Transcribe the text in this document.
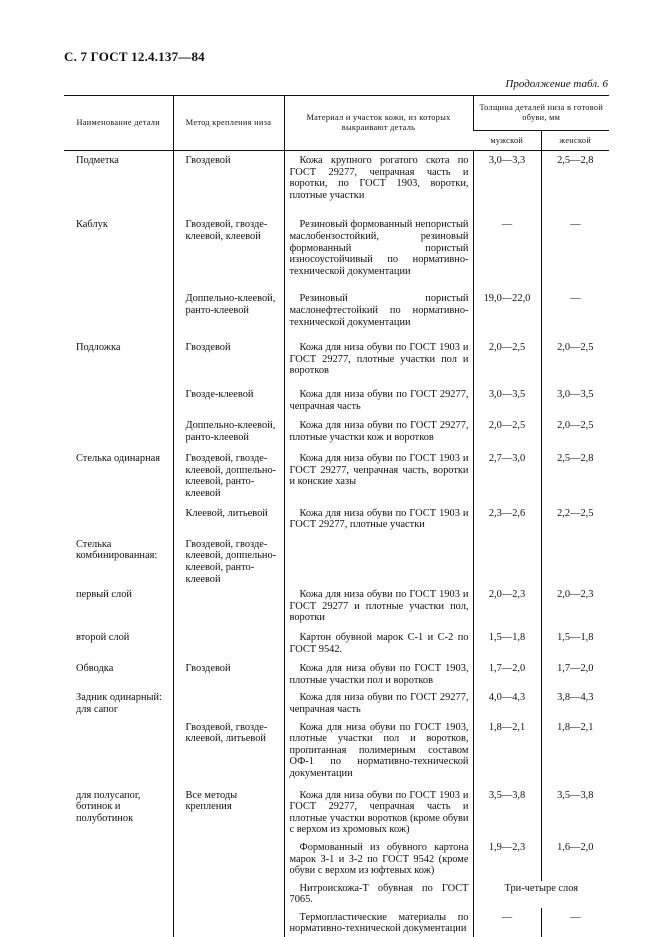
С. 7 ГОСТ 12.4.137—84
Продолжение табл. 6
Наименование детали	Метод крепления низа	Материал и участок кожи, из которых выкраивают деталь	Толщина деталей низа в готовой обуви, мм	
			мужской	женской
Подметка	Гвоздевой	Кожа крупного рогатого скота по ГОСТ 29277, чепрачная часть и воротки, по ГОСТ 1903, воротки, плотные участки	3,0—3,3	2,5—2,8

Каблук	Гвоздевой, гвозде-клеевой, клеевой	Резиновый формованный непористый маслобензостойкий, резиновый формованный пористый износоустойчивый по нормативно-технической документации	—	—

	Доппельно-клеевой, ранто-клеевой	Резиновый пористый маслонефтестойкий по нормативно-технической документации	19,0—22,0	—

Подложка	Гвоздевой	Кожа для низа обуви по ГОСТ 1903 и ГОСТ 29277, плотные участки пол и воротков	2,0—2,5	2,0—2,5

	Гвозде-клеевой	Кожа для низа обуви по ГОСТ 29277, чепрачная часть	3,0—3,5	3,0—3,5

	Доппельно-клеевой, ранто-клеевой	Кожа для низа обуви по ГОСТ 29277, плотные участки кож и воротков	2,0—2,5	2,0—2,5

Стелька одинарная	Гвоздевой, гвозде-клеевой, доппельно-клеевой, ранто-клеевой	Кожа для низа обуви по ГОСТ 1903 и ГОСТ 29277, чепрачная часть, воротки и конские хазы	2,7—3,0	2,5—2,8

	Клеевой, литьевой	Кожа для низа обуви по ГОСТ 1903 и ГОСТ 29277, плотные участки	2,3—2,6	2,2—2,5

Стелька комбинированная:	Гвоздевой, гвозде-клеевой, доппельно-клеевой, ранто-клеевой			
первый слой		Кожа для низа обуви по ГОСТ 1903 и ГОСТ 29277 и плотные участки пол, воротки	2,0—2,3	2,0—2,3

второй слой		Картон обувной марок С-1 и С-2 по ГОСТ 9542.	1,5—1,8	1,5—1,8

Обводка	Гвоздевой	Кожа для низа обуви по ГОСТ 1903, плотные участки пол и воротков	1,7—2,0	1,7—2,0

Задник одинарный: для сапог		Кожа для низа обуви по ГОСТ 29277, чепрачная часть	4,0—4,3	3,8—4,3

	Гвоздевой, гвозде-клеевой, литьевой	Кожа для низа обуви по ГОСТ 1903, плотные участки пол и воротков, пропитанная полимерным составом ОФ-1 по нормативно-технической документации	1,8—2,1	1,8—2,1

для полусапог, ботинок и полуботинок	Все методы крепления	Кожа для низа обуви по ГОСТ 1903 и ГОСТ 29277, чепрачная часть и плотные участки воротков (кроме обуви с верхом из хромовых кож)	3,5—3,8	3,5—3,8

		Формованный из обувного картона марок З-1 и З-2 по ГОСТ 9542 (кроме обуви с верхом из юфтевых кож)	1,9—2,3	1,6—2,0

		Нитроискожа-Т обувная по ГОСТ 7065.	Три-четыре слоя	

		Термопластические материалы по нормативно-технической документации	—	—
